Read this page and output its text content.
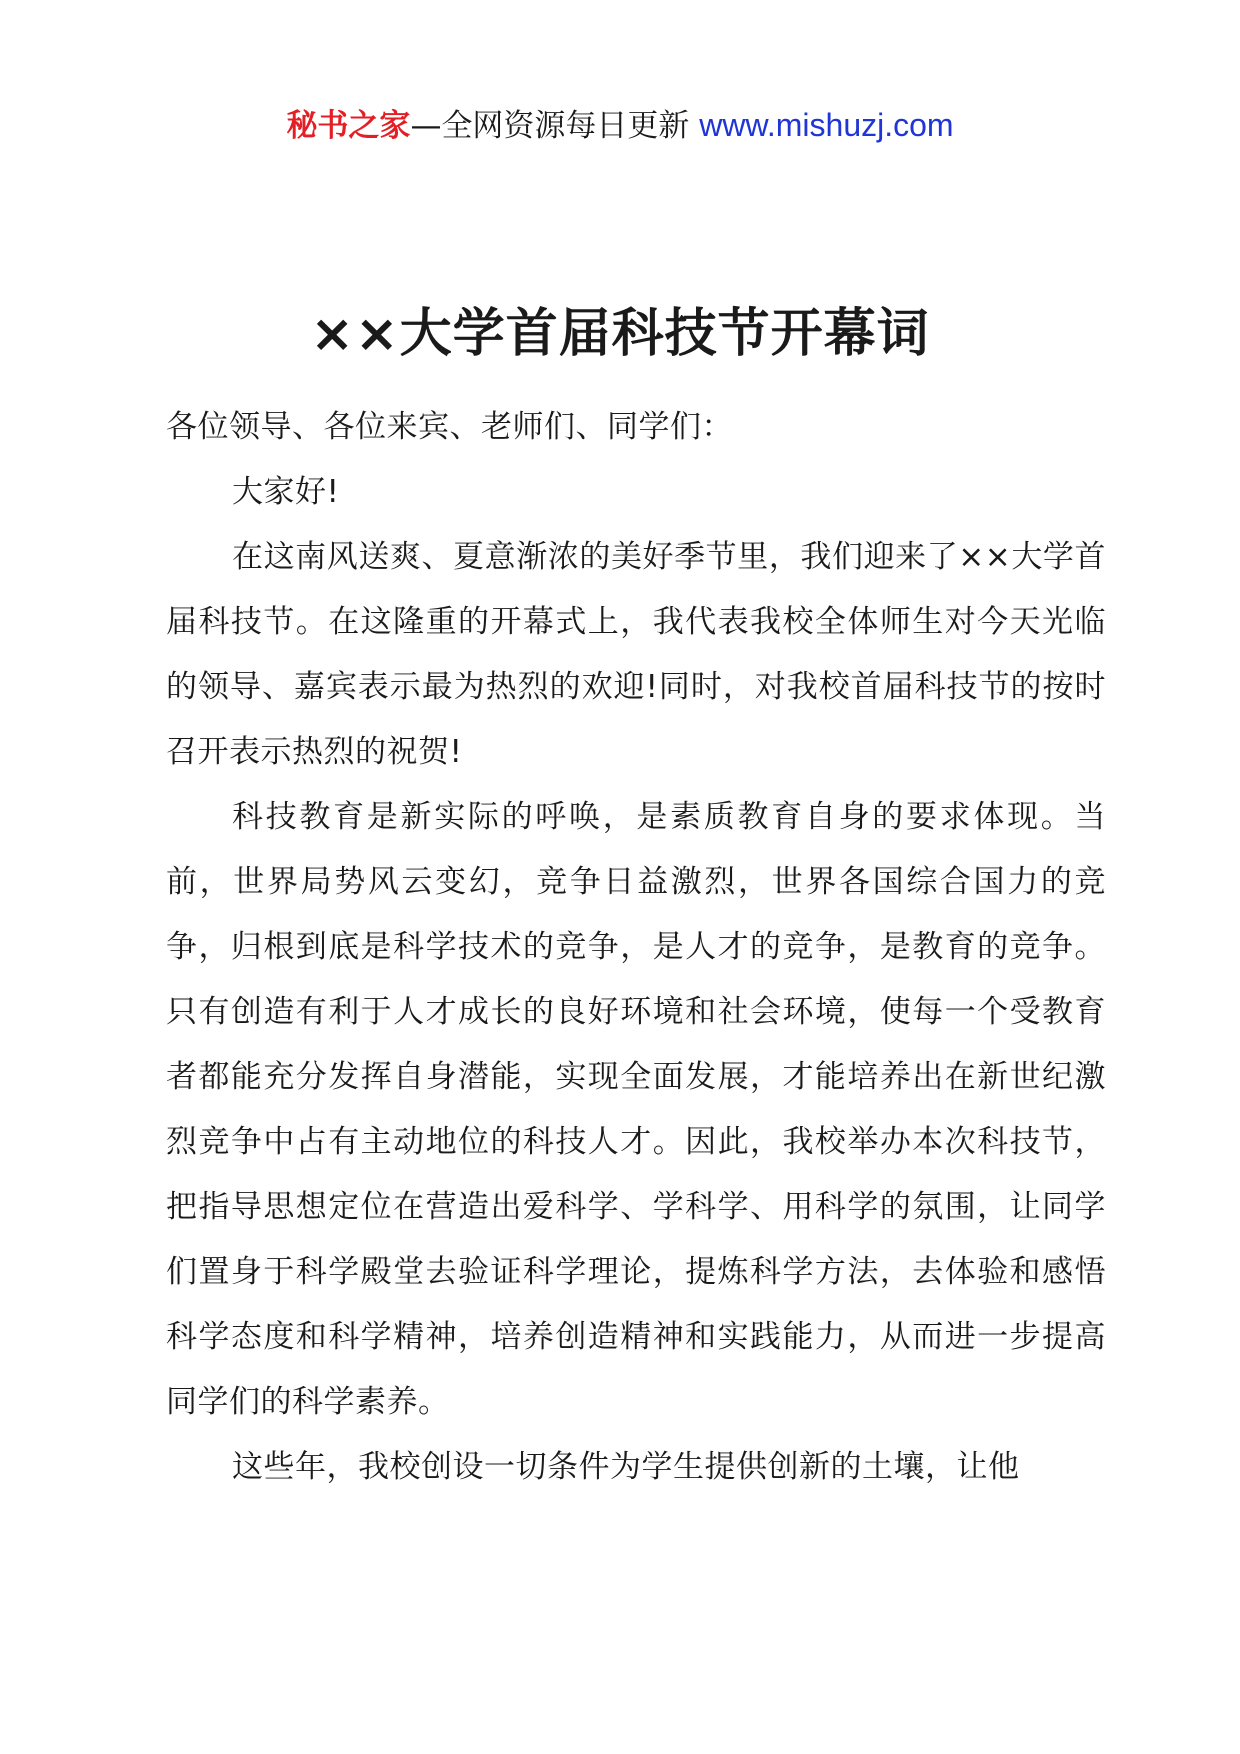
秘书之家—全网资源每日更新 www.mishuzj.com
××大学首届科技节开幕词

各位领导、各位来宾、老师们、同学们：

大家好!

在这南风送爽、夏意渐浓的美好季节里，我们迎来了××大学首届科技节。在这隆重的开幕式上，我代表我校全体师生对今天光临的领导、嘉宾表示最为热烈的欢迎!同时，对我校首届科技节的按时召开表示热烈的祝贺!

科技教育是新实际的呼唤，是素质教育自身的要求体现。当前，世界局势风云变幻，竞争日益激烈，世界各国综合国力的竞争，归根到底是科学技术的竞争，是人才的竞争，是教育的竞争。只有创造有利于人才成长的良好环境和社会环境，使每一个受教育者都能充分发挥自身潜能，实现全面发展，才能培养出在新世纪激烈竞争中占有主动地位的科技人才。因此，我校举办本次科技节，把指导思想定位在营造出爱科学、学科学、用科学的氛围，让同学们置身于科学殿堂去验证科学理论，提炼科学方法，去体验和感悟科学态度和科学精神，培养创造精神和实践能力，从而进一步提高同学们的科学素养。

这些年，我校创设一切条件为学生提供创新的土壤，让他
